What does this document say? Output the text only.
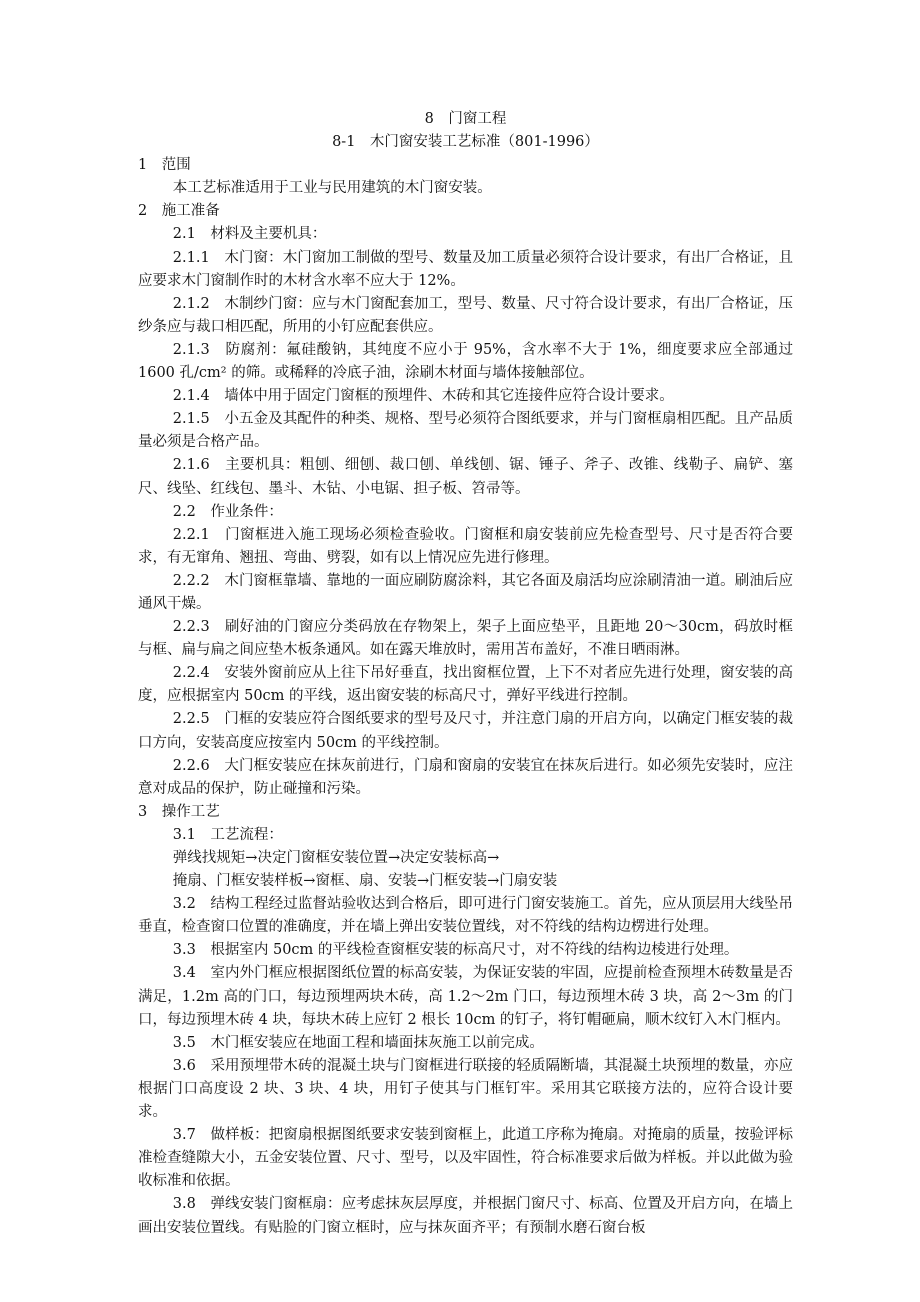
8　门窗工程
8-1　木门窗安装工艺标准（801-1996）
1　范围
本工艺标准适用于工业与民用建筑的木门窗安装。
2　施工准备
2.1　材料及主要机具：
2.1.1　木门窗：木门窗加工制做的型号、数量及加工质量必须符合设计要求，有出厂合格证，且应要求木门窗制作时的木材含水率不应大于 12%。
2.1.2　木制纱门窗：应与木门窗配套加工，型号、数量、尺寸符合设计要求，有出厂合格证，压纱条应与裁口相匹配，所用的小钉应配套供应。
2.1.3　防腐剂：氟硅酸钠，其纯度不应小于 95%，含水率不大于 1%，细度要求应全部通过 1600 孔/cm² 的筛。或稀释的冷底子油，涂刷木材面与墙体接触部位。
2.1.4　墙体中用于固定门窗框的预埋件、木砖和其它连接件应符合设计要求。
2.1.5　小五金及其配件的种类、规格、型号必须符合图纸要求，并与门窗框扇相匹配。且产品质量必须是合格产品。
2.1.6　主要机具：粗刨、细刨、裁口刨、单线刨、锯、锤子、斧子、改锥、线勒子、扁铲、塞尺、线坠、红线包、墨斗、木钻、小电锯、担子板、笤帚等。
2.2　作业条件：
2.2.1　门窗框进入施工现场必须检查验收。门窗框和扇安装前应先检查型号、尺寸是否符合要求，有无窜角、翘扭、弯曲、劈裂，如有以上情况应先进行修理。
2.2.2　木门窗框靠墙、靠地的一面应刷防腐涂料，其它各面及扇活均应涂刷清油一道。刷油后应通风干燥。
2.2.3　刷好油的门窗应分类码放在存物架上，架子上面应垫平，且距地 20～30cm，码放时框与框、扁与扁之间应垫木板条通风。如在露天堆放时，需用苫布盖好，不准日晒雨淋。
2.2.4　安装外窗前应从上往下吊好垂直，找出窗框位置，上下不对者应先进行处理，窗安装的高度，应根据室内 50cm 的平线，返出窗安装的标高尺寸，弹好平线进行控制。
2.2.5　门框的安装应符合图纸要求的型号及尺寸，并注意门扇的开启方向，以确定门框安装的裁口方向，安装高度应按室内 50cm 的平线控制。
2.2.6　大门框安装应在抹灰前进行，门扇和窗扇的安装宜在抹灰后进行。如必须先安装时，应注意对成品的保护，防止碰撞和污染。
3　操作工艺
3.1　工艺流程：
弹线找规矩→决定门窗框安装位置→决定安装标高→
掩扇、门框安装样板→窗框、扇、安装→门框安装→门扇安装
3.2　结构工程经过监督站验收达到合格后，即可进行门窗安装施工。首先，应从顶层用大线坠吊垂直，检查窗口位置的准确度，并在墙上弹出安装位置线，对不符线的结构边楞进行处理。
3.3　根据室内 50cm 的平线检查窗框安装的标高尺寸，对不符线的结构边棱进行处理。
3.4　室内外门框应根据图纸位置的标高安装，为保证安装的牢固，应提前检查预埋木砖数量是否满足，1.2m 高的门口，每边预埋两块木砖，高 1.2～2m 门口，每边预埋木砖 3 块，高 2～3m 的门口，每边预埋木砖 4 块，每块木砖上应钉 2 根长 10cm 的钉子，将钉帽砸扁，顺木纹钉入木门框内。
3.5　木门框安装应在地面工程和墙面抹灰施工以前完成。
3.6　采用预埋带木砖的混凝土块与门窗框进行联接的轻质隔断墙，其混凝土块预埋的数量，亦应根据门口高度设 2 块、3 块、4 块，用钉子使其与门框钉牢。采用其它联接方法的，应符合设计要求。
3.7　做样板：把窗扇根据图纸要求安装到窗框上，此道工序称为掩扇。对掩扇的质量，按验评标准检查缝隙大小，五金安装位置、尺寸、型号，以及牢固性，符合标准要求后做为样板。并以此做为验收标准和依据。
3.8　弹线安装门窗框扇：应考虑抹灰层厚度，并根据门窗尺寸、标高、位置及开启方向，在墙上画出安装位置线。有贴脸的门窗立框时，应与抹灰面齐平；有预制水磨石窗台板
